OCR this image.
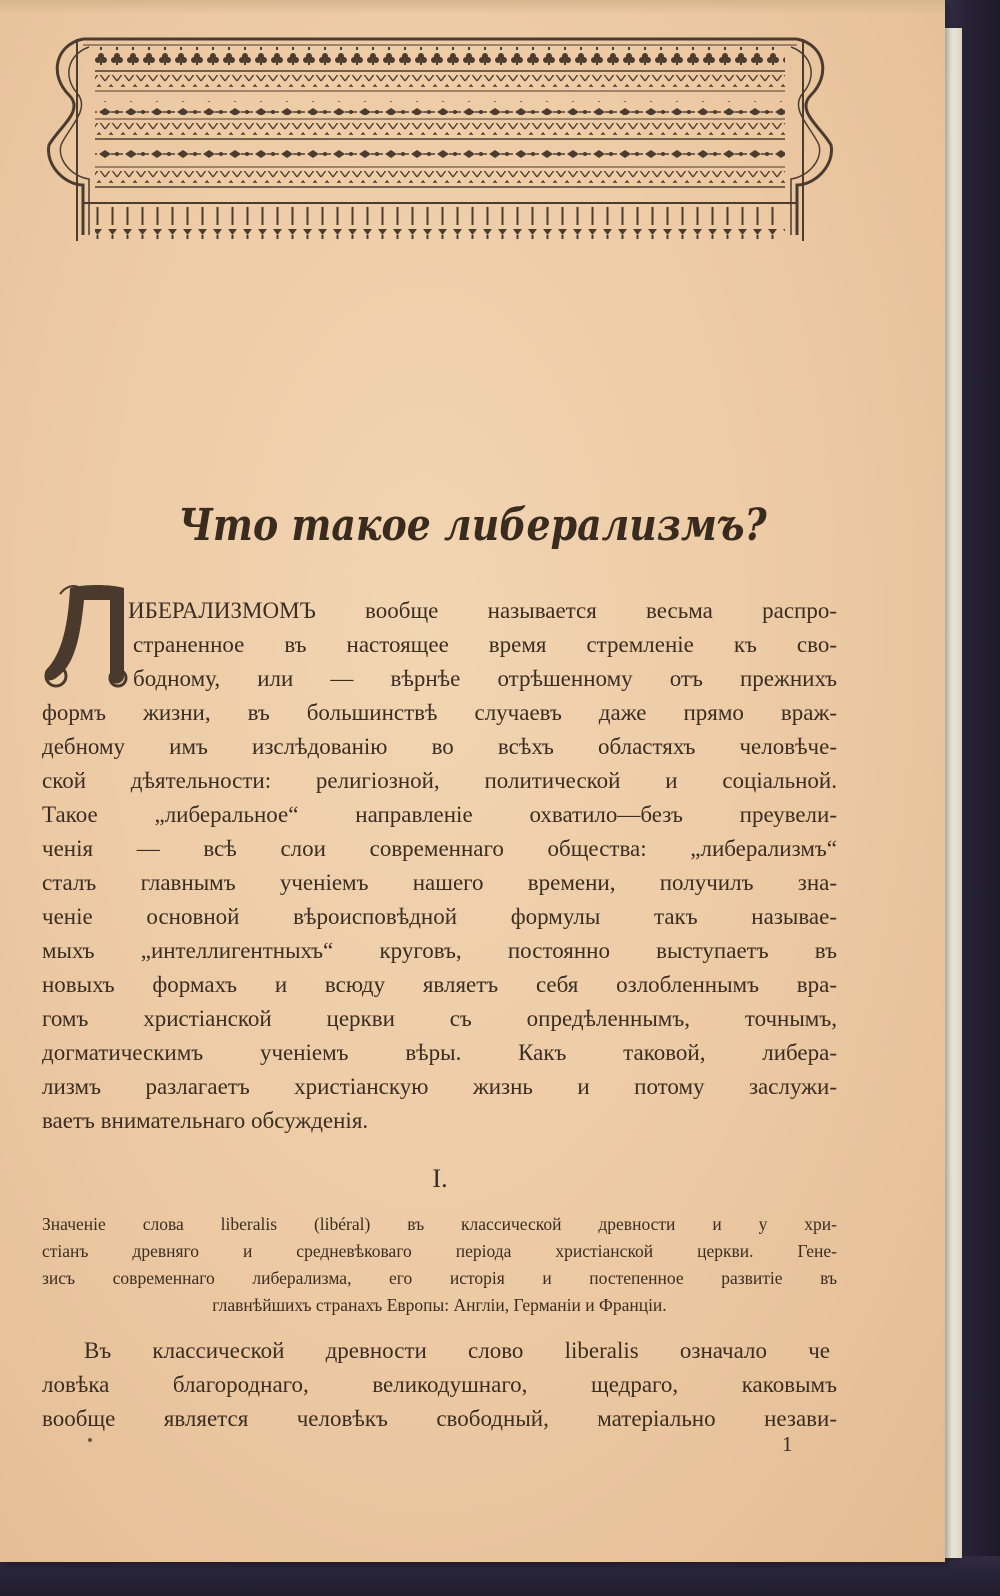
Что такое либерализмъ?
ИБЕРАЛИЗМОМЪ вообще называется весьма распро-
страненное въ настоящее время стремленіе къ сво-
бодному, или — вѣрнѣе отрѣшенному отъ прежнихъ
формъ жизни, въ большинствѣ случаевъ даже прямо враж-
дебному имъ изслѣдованію во всѣхъ областяхъ человѣче-
ской дѣятельности: религіозной, политической и соціальной.
Такое „либеральное“ направленіе охватило—безъ преувели-
ченія — всѣ слои современнаго общества: „либерализмъ“
сталъ главнымъ ученіемъ нашего времени, получилъ зна-
ченіе основной вѣроисповѣдной формулы такъ называе-
мыхъ „интеллигентныхъ“ круговъ, постоянно выступаетъ въ
новыхъ формахъ и всюду являетъ себя озлобленнымъ вра-
гомъ христіанской церкви съ опредѣленнымъ, точнымъ,
догматическимъ ученіемъ вѣры. Какъ таковой, либера-
лизмъ разлагаетъ христіанскую жизнь и потому заслужи-
ваетъ внимательнаго обсужденія.
I.
Значеніе слова liberalis (libéral) въ классической древности и у хри-
стіанъ древняго и средневѣковаго періода христіанской церкви. Гене-
зисъ современнаго либерализма, его исторія и постепенное развитіе въ
главнѣйшихъ странахъ Европы: Англіи, Германіи и Франціи.
Въ классической древности слово liberalis означало че
ловѣка благороднаго, великодушнаго, щедраго, каковымъ
вообще является человѣкъ свободный, матеріально незави-
1
